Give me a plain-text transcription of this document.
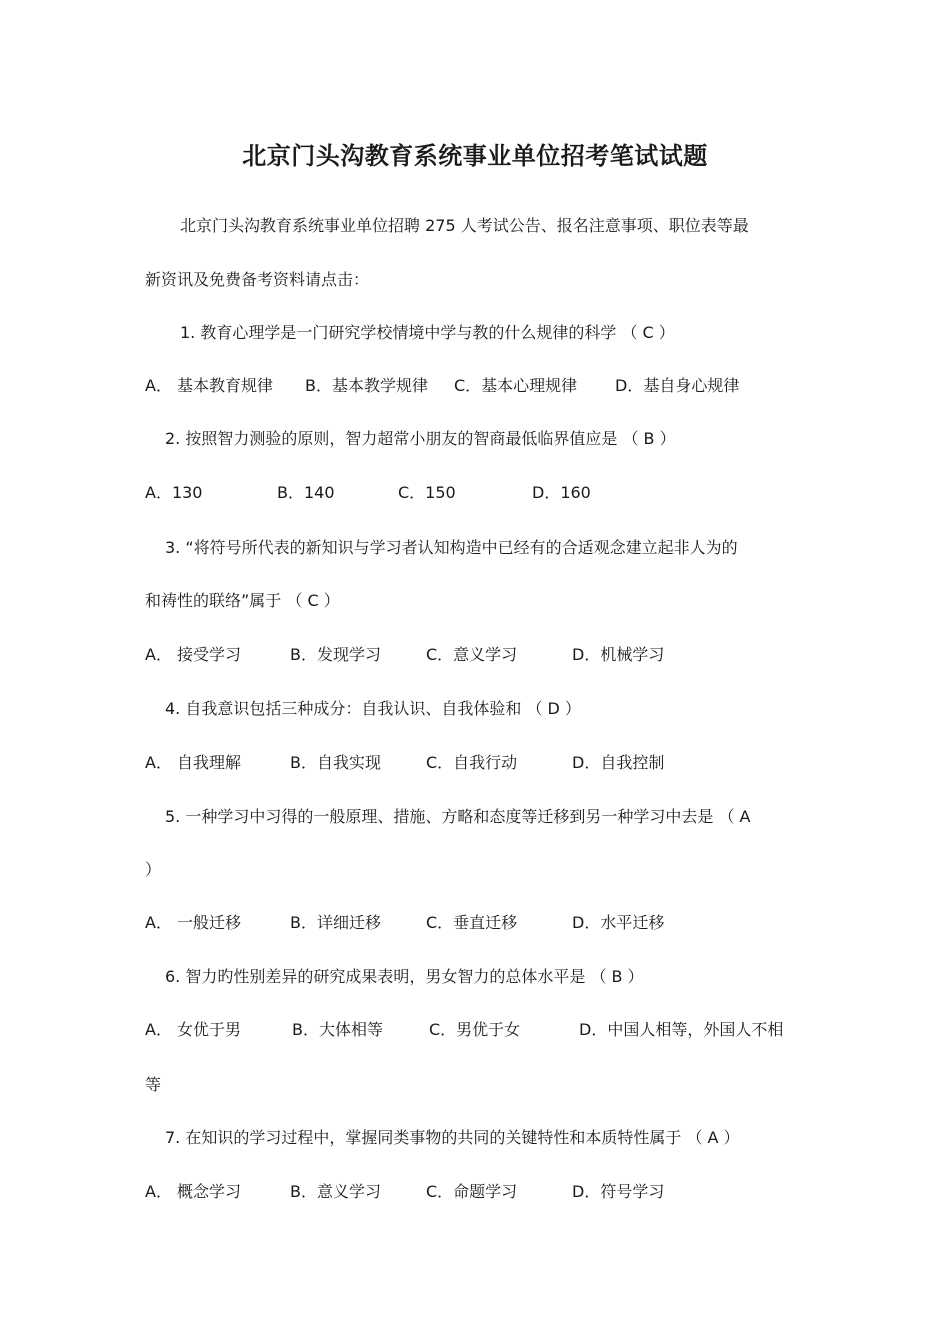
北京门头沟教育系统事业单位招考笔试试题
北京门头沟教育系统事业单位招聘 275 人考试公告、报名注意事项、职位表等最
新资讯及免费备考资料请点击：
1. 教育心理学是一门研究学校情境中学与教的什么规律的科学 （ C ）
A． 基本教育规律 B．基本教学规律 C．基本心理规律 D．基自身心规律
2. 按照智力测验的原则，智力超常小朋友的智商最低临界值应是 （ B ）
A．130	B．140	C．150	D．160
3. “将符号所代表的新知识与学习者认知构造中已经有的合适观念建立起非人为的
和祷性的联络”属于 （ C ）
A． 接受学习	B．发现学习	C．意义学习	D．机械学习
4. 自我意识包括三种成分：自我认识、自我体验和 （ D ）
A． 自我理解	B．自我实现	C．自我行动	D．自我控制
5. 一种学习中习得的一般原理、措施、方略和态度等迁移到另一种学习中去是 （ A
）
A． 一般迁移	B．详细迁移	C．垂直迁移	D．水平迁移
6. 智力旳性别差异的研究成果表明，男女智力的总体水平是 （ B ）
A． 女优于男	B．大体相等	C．男优于女	D．中国人相等，外国人不相
等
7. 在知识的学习过程中，掌握同类事物的共同的关键特性和本质特性属于 （ A ）
A． 概念学习	B．意义学习	C．命题学习	D．符号学习
